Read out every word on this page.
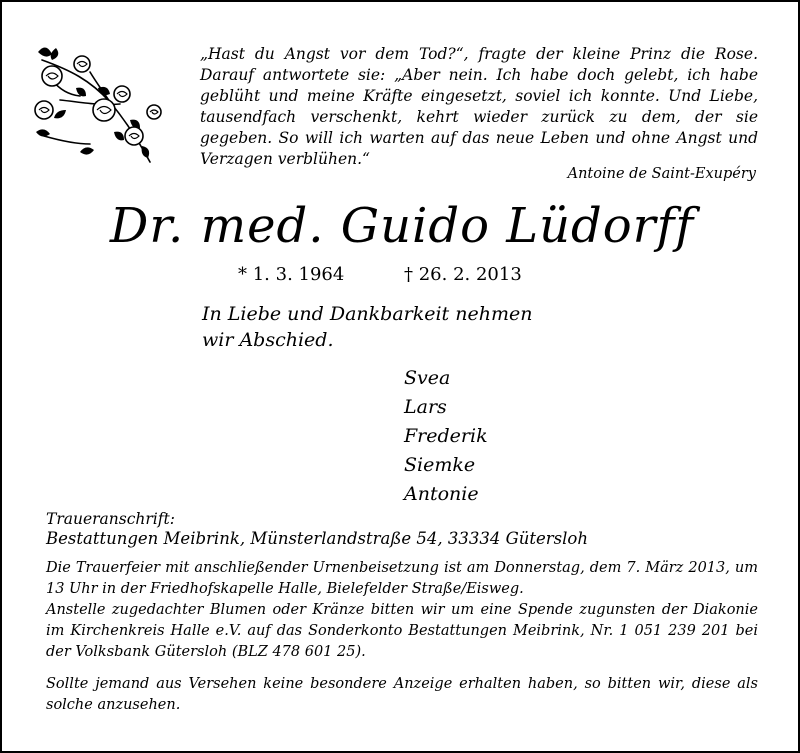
„Hast du Angst vor dem Tod?“, fragte der kleine Prinz die Rose. Darauf antwortete sie: „Aber nein. Ich habe doch gelebt, ich habe geblüht und meine Kräfte eingesetzt, soviel ich konnte. Und Liebe, tausendfach verschenkt, kehrt wieder zurück zu dem, der sie gegeben. So will ich warten auf das neue Leben und ohne Angst und Verzagen verblühen.“
Antoine de Saint-Exupéry
Dr. med. Guido Lüdorff
* 1. 3. 1964	† 26. 2. 2013
In Liebe und Dankbarkeit nehmen
wir Abschied.
Svea
Lars
Frederik
Siemke
Antonie
Traueranschrift:
Bestattungen Meibrink, Münsterlandstraße 54, 33334 Gütersloh
Die Trauerfeier mit anschließender Urnenbeisetzung ist am Donnerstag, dem 7. März 2013, um 13 Uhr in der Friedhofskapelle Halle, Bielefelder Straße/Eisweg.
Anstelle zugedachter Blumen oder Kränze bitten wir um eine Spende zugunsten der Diakonie im Kirchenkreis Halle e.V. auf das Sonderkonto Bestattungen Meibrink, Nr. 1 051 239 201 bei der Volksbank Gütersloh (BLZ 478 601 25).
Sollte jemand aus Versehen keine besondere Anzeige erhalten haben, so bitten wir, diese als solche anzusehen.
